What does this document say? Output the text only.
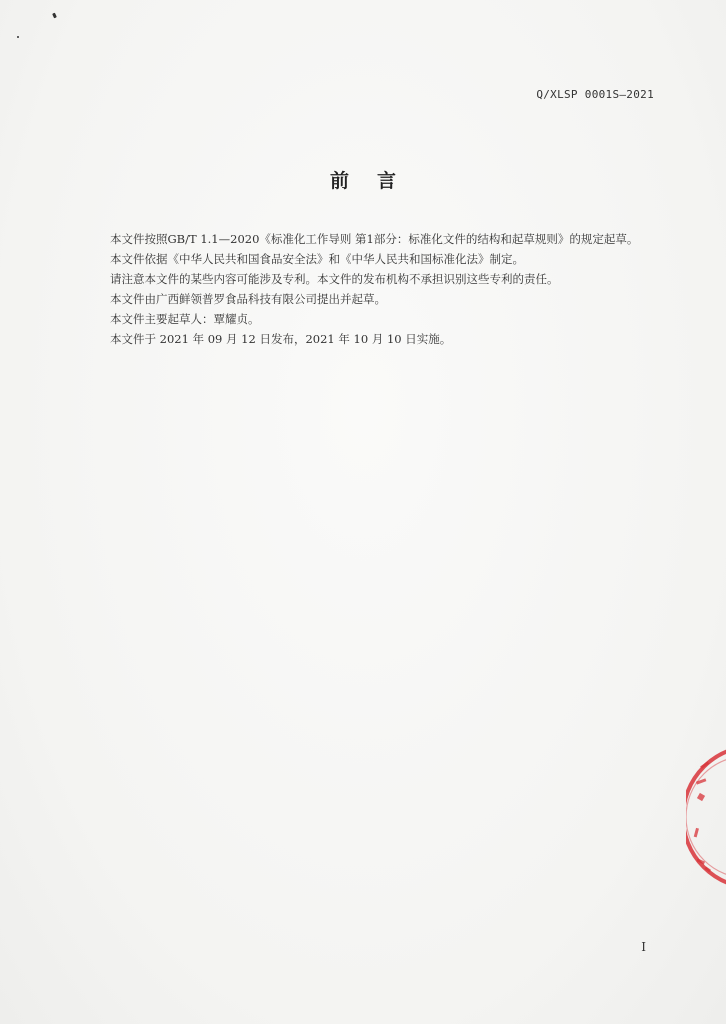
Q/XLSP 0001S—2021
前言

本文件按照GB/T 1.1—2020《标准化工作导则 第1部分：标准化文件的结构和起草规则》的规定起草。

本文件依据《中华人民共和国食品安全法》和《中华人民共和国标准化法》制定。

请注意本文件的某些内容可能涉及专利。本文件的发布机构不承担识别这些专利的责任。

本文件由广西鲜领普罗食品科技有限公司提出并起草。

本文件主要起草人：覃耀贞。

本文件于 2021 年 09 月 12 日发布，2021 年 10 月 10 日实施。

I
